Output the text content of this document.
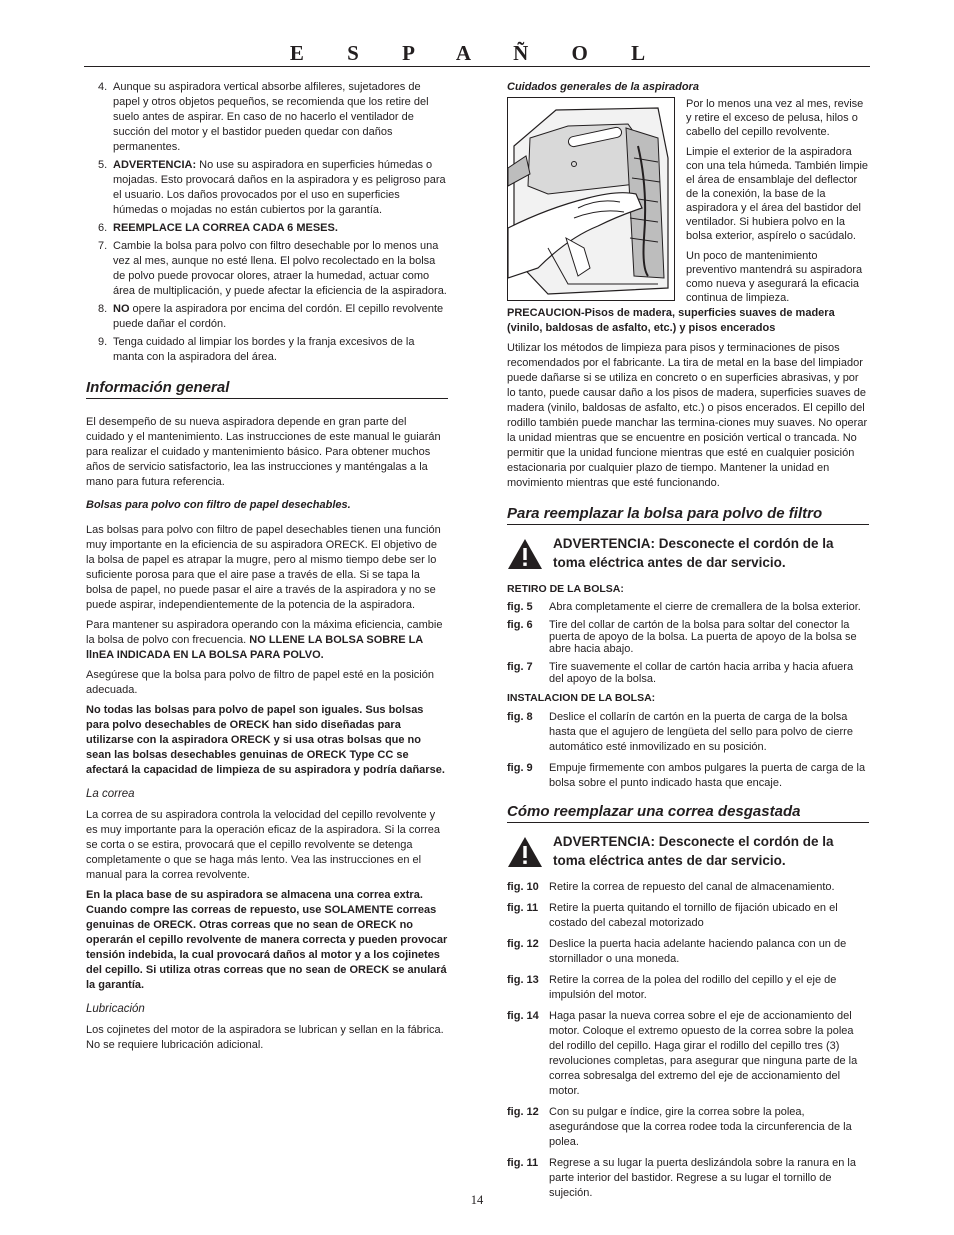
E S P A Ñ O L
4. Aunque su aspiradora vertical absorbe alfileres, sujetadores de papel y otros objetos pequeños, se recomienda que los retire del suelo antes de aspirar. En caso de no hacerlo el ventilador de succión del motor y el bastidor pueden quedar con daños permanentes.
5. ADVERTENCIA: No use su aspiradora en superficies húmedas o mojadas. Esto provocará daños en la aspiradora y es peligroso para el usuario. Los daños provocados por el uso en superficies húmedas o mojadas no están cubiertos por la garantía.
6. REEMPLACE LA CORREA CADA 6 MESES.
7. Cambie la bolsa para polvo con filtro desechable por lo menos una vez al mes, aunque no esté llena. El polvo recolectado en la bolsa de polvo puede provocar olores, atraer la humedad, actuar como área de multiplicación, y puede afectar la eficiencia de la aspiradora.
8. NO opere la aspiradora por encima del cordón. El cepillo revolvente puede dañar el cordón.
9. Tenga cuidado al limpiar los bordes y la franja excesivos de la manta con la aspiradora del área.
Información general

El desempeño de su nueva aspiradora depende en gran parte del cuidado y el mantenimiento. Las instrucciones de este manual le guiarán para realizar el cuidado y mantenimiento básico. Para obtener muchos años de servicio satisfactorio, lea las instrucciones y manténgalas a la mano para futura referencia.

Bolsas para polvo con filtro de papel desechables.

Las bolsas para polvo con filtro de papel desechables tienen una función muy importante en la eficiencia de su aspiradora ORECK. El objetivo de la bolsa de papel es atrapar la mugre, pero al mismo tiempo debe ser lo suficiente porosa para que el aire pase a través de ella. Si se tapa la bolsa de papel, no puede pasar el aire a través de la aspiradora y no se puede aspirar, independientemente de la potencia de la aspiradora.

Para mantener su aspiradora operando con la máxima eficiencia, cambie la bolsa de polvo con frecuencia. NO LLENE LA BOLSA SOBRE LA llnEA INDICADA EN LA BOLSA PARA POLVO.

Asegúrese que la bolsa para polvo de filtro de papel esté en la posición adecuada.

No todas las bolsas para polvo de papel son iguales. Sus bolsas para polvo desechables de ORECK han sido diseñadas para utilizarse con la aspiradora ORECK y si usa otras bolsas que no sean las bolsas desechables genuinas de ORECK Type CC se afectará la capacidad de limpieza de su aspiradora y podría dañarse.

La correa

La correa de su aspiradora controla la velocidad del cepillo revolvente y es muy importante para la operación eficaz de la aspiradora. Si la correa se corta o se estira, provocará que el cepillo revolvente se detenga completamente o que se haga más lento. Vea las instrucciones en el manual para la correa revolvente.

En la placa base de su aspiradora se almacena una correa extra. Cuando compre las correas de repuesto, use SOLAMENTE correas genuinas de ORECK. Otras correas que no sean de ORECK no operarán el cepillo revolvente de manera correcta y pueden provocar tensión indebida, la cual provocará daños al motor y a los cojinetes del cepillo. Si utiliza otras correas que no sean de ORECK se anulará la garantía.

Lubricación

Los cojinetes del motor de la aspiradora se lubrican y sellan en la fábrica. No se requiere lubricación adicional.

Cuidados generales de la aspiradora

Por lo menos una vez al mes, revise y retire el exceso de pelusa, hilos o cabello del cepillo revolvente.

Limpie el exterior de la aspiradora con una tela húmeda. También limpie el área de ensamblaje del deflector de la conexión, la base de la aspiradora y el área del bastidor del ventilador. Si hubiera polvo en la bolsa exterior, aspírelo o sacúdalo.

Un poco de mantenimiento preventivo mantendrá su aspiradora como nueva y asegurará la eficacia continua de limpieza.

PRECAUCION-Pisos de madera, superficies suaves de madera (vinilo, baldosas de asfalto, etc.) y pisos encerados

Utilizar los métodos de limpieza para pisos y terminaciones de pisos recomendados por el fabricante. La tira de metal en la base del limpiador puede dañarse si se utiliza en concreto o en superficies abrasivas, y por lo tanto, puede causar daño a los pisos de madera, superficies suaves de madera (vinilo, baldosas de asfalto, etc.) o pisos encerados. El cepillo del rodillo también puede manchar las termina-ciones muy suaves. No operar la unidad mientras que se encuentre en posición vertical o trancada. No permitir que la unidad funcione mientras que esté en cualquier posición estacionaria por cualquier plazo de tiempo. Mantener la unidad en movimiento mientras que esté funcionando.

Para reemplazar la bolsa para polvo de filtro
ADVERTENCIA: Desconecte el cordón de la toma eléctrica antes de dar servicio.
RETIRO DE LA BOLSA:
fig. 5 Abra completamente el cierre de cremallera de la bolsa exterior.
fig. 6 Tire del collar de cartón de la bolsa para soltar del conector la puerta de apoyo de la bolsa. La puerta de apoyo de la bolsa se abre hacia abajo.
fig. 7 Tire suavemente el collar de cartón hacia arriba y hacia afuera del apoyo de la bolsa.
INSTALACION DE LA BOLSA:
fig. 8 Deslice el collarín de cartón en la puerta de carga de la bolsa hasta que el agujero de lengüeta del sello para polvo de cierre automático esté inmovilizado en su posición.
fig. 9 Empuje firmemente con ambos pulgares la puerta de carga de la bolsa sobre el punto indicado hasta que encaje.
Cómo reemplazar una correa desgastada
ADVERTENCIA: Desconecte el cordón de la toma eléctrica antes de dar servicio.
fig. 10 Retire la correa de repuesto del canal de almacenamiento.
fig. 11 Retire la puerta quitando el tornillo de fijación ubicado en el costado del cabezal motorizado
fig. 12 Deslice la puerta hacia adelante haciendo palanca con un de stornillador o una moneda.
fig. 13 Retire la correa de la polea del rodillo del cepillo y el eje de impulsión del motor.
fig. 14 Haga pasar la nueva correa sobre el eje de accionamiento del motor. Coloque el extremo opuesto de la correa sobre la polea del rodillo del cepillo. Haga girar el rodillo del cepillo tres (3) revoluciones completas, para asegurar que ninguna parte de la correa sobresalga del extremo del eje de accionamiento del motor.
fig. 12 Con su pulgar e índice, gire la correa sobre la polea, asegurándose que la correa rodee toda la circunferencia de la polea.
fig. 11 Regrese a su lugar la puerta deslizándola sobre la ranura en la parte interior del bastidor. Regrese a su lugar el tornillo de sujeción.
14
